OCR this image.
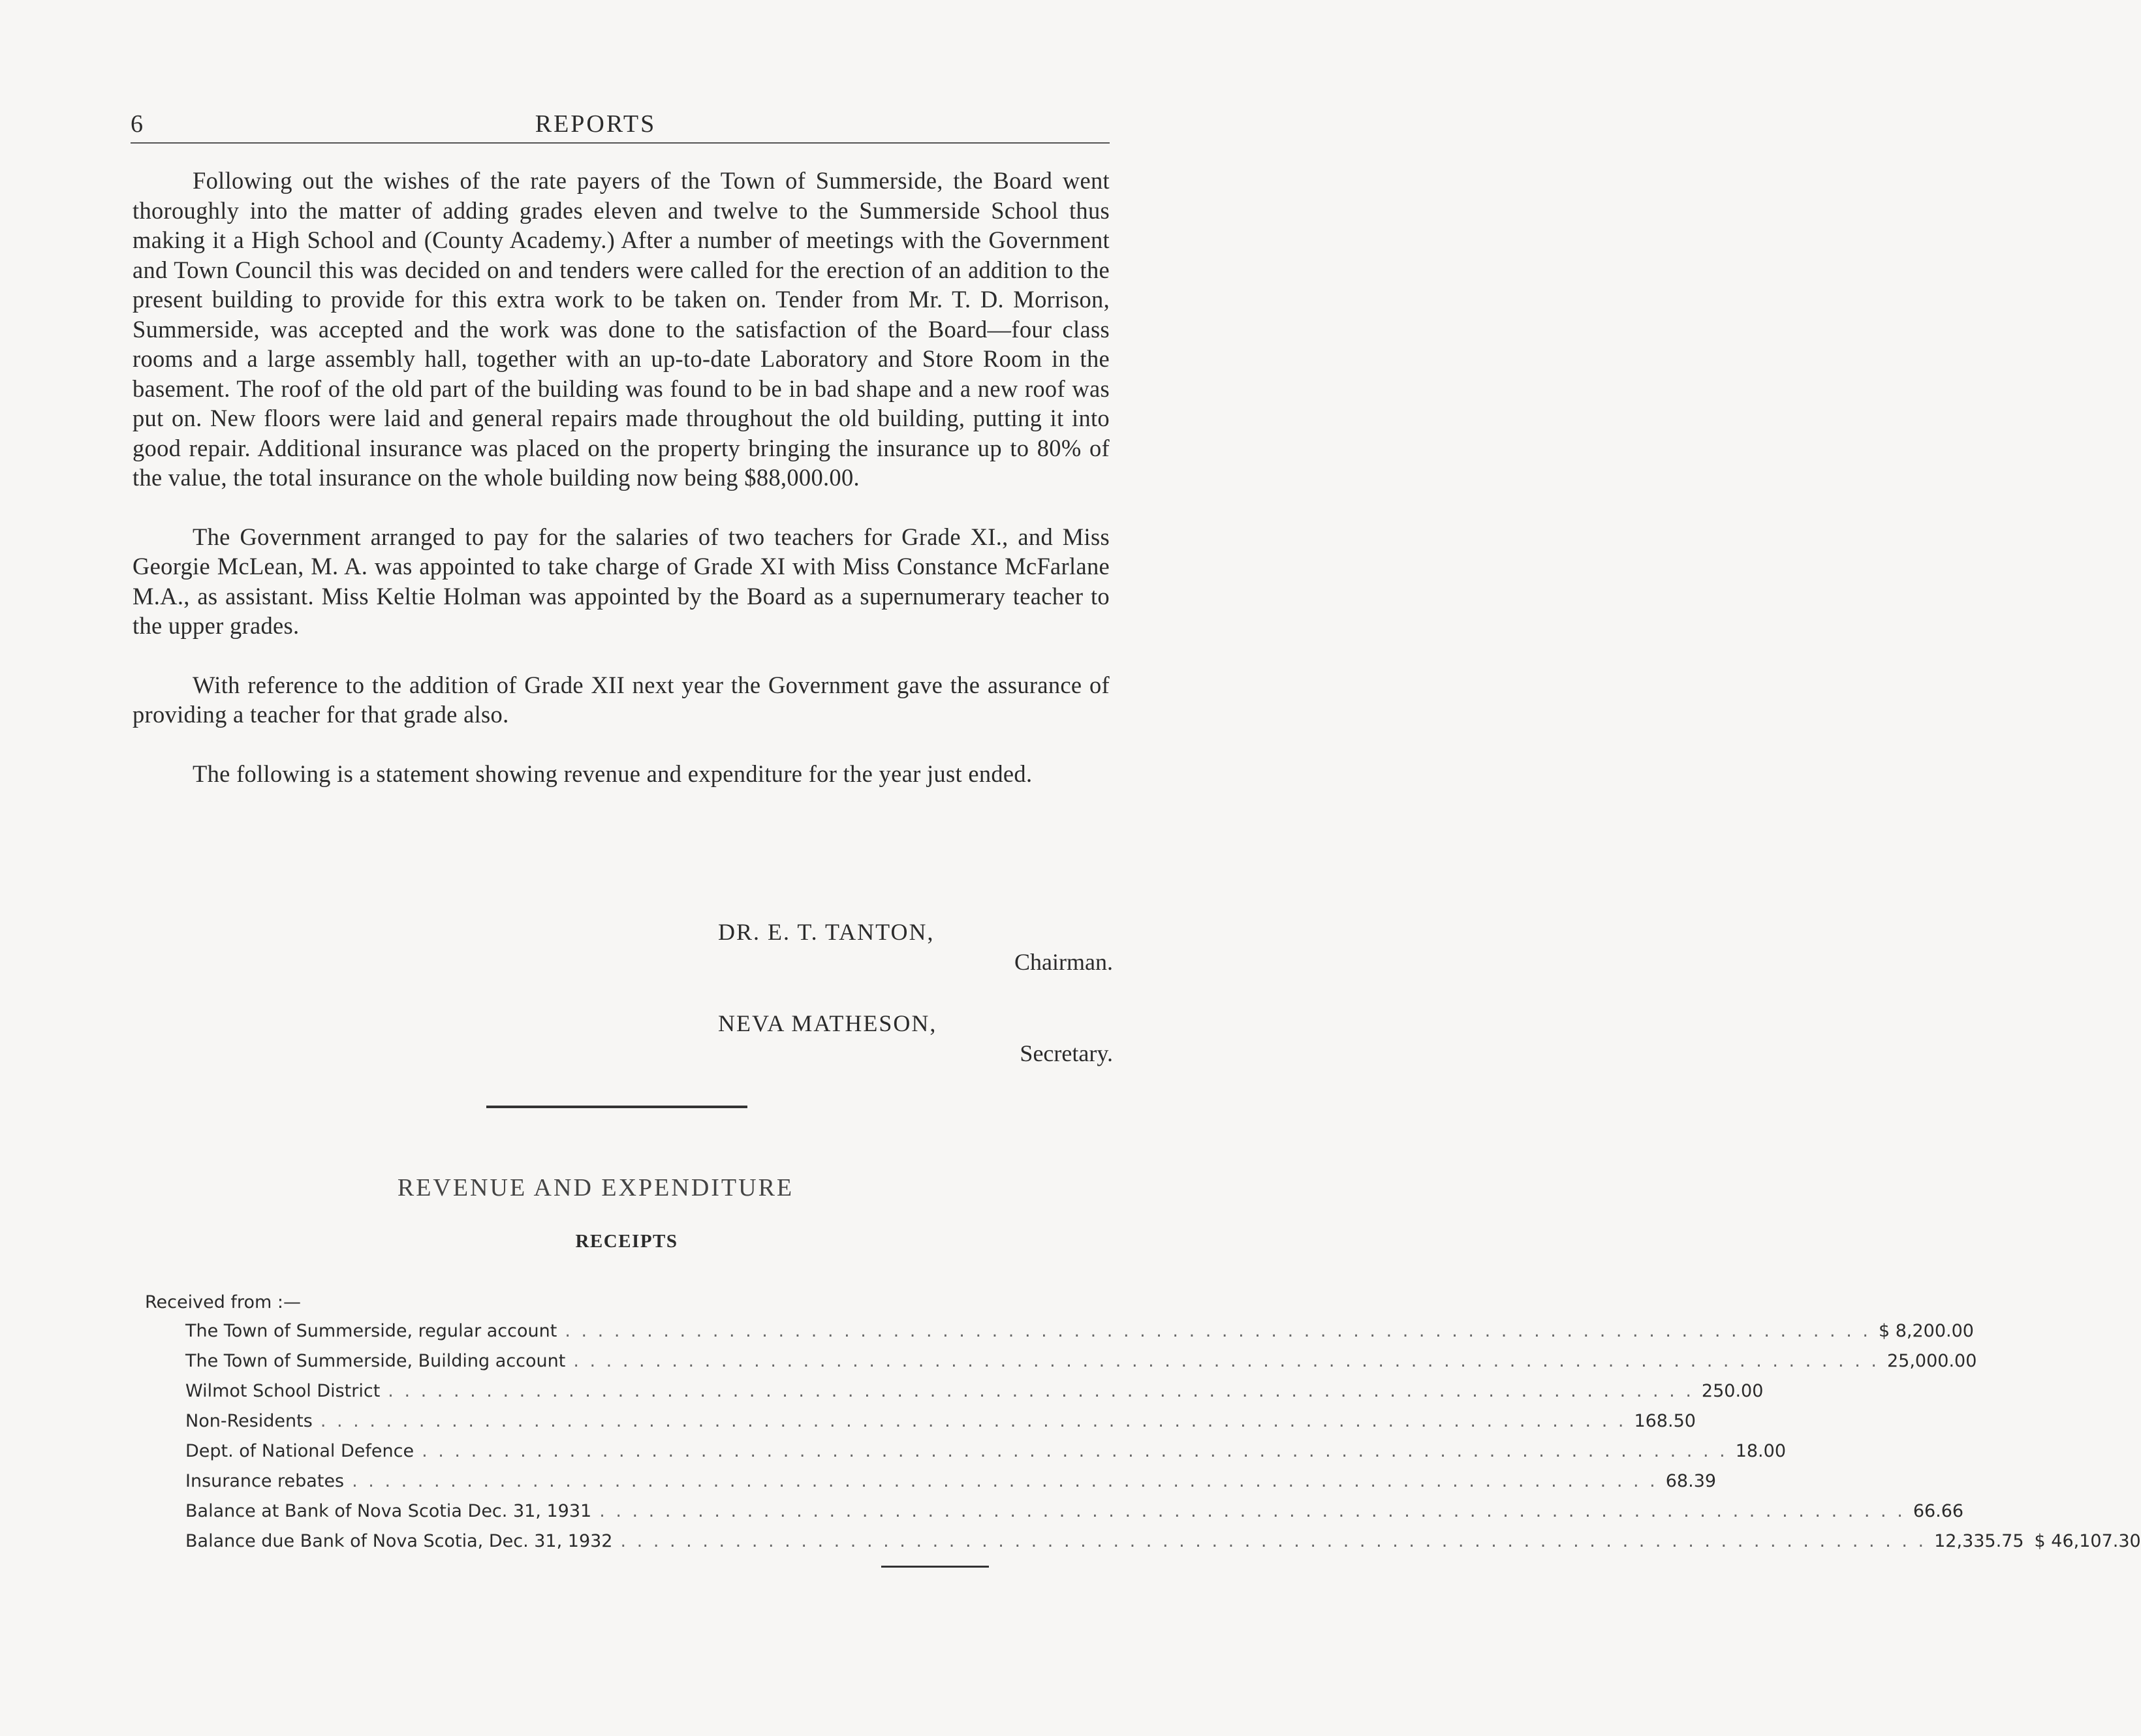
6	REPORTS

Following out the wishes of the rate payers of the Town of Summerside, the Board went thoroughly into the matter of adding grades eleven and twelve to the Summerside School thus making it a High School and (County Academy.) After a number of meetings with the Government and Town Council this was decided on and tenders were called for the erection of an addition to the present building to provide for this extra work to be taken on. Tender from Mr. T. D. Morrison, Summerside, was accepted and the work was done to the satisfaction of the Board—four class rooms and a large assembly hall, together with an up-to-date Laboratory and Store Room in the basement. The roof of the old part of the building was found to be in bad shape and a new roof was put on. New floors were laid and general repairs made throughout the old building, putting it into good repair. Additional insurance was placed on the property bringing the insurance up to 80% of the value, the total insurance on the whole building now being $88,000.00.

The Government arranged to pay for the salaries of two teachers for Grade XI., and Miss Georgie McLean, M. A. was appointed to take charge of Grade XI with Miss Constance McFarlane M.A., as assistant. Miss Keltie Holman was appointed by the Board as a supernumerary teacher to the upper grades.

With reference to the addition of Grade XII next year the Government gave the assurance of providing a teacher for that grade also.

The following is a statement showing revenue and expenditure for the year just ended.

DR. E. T. TANTON,

Chairman.

NEVA MATHESON,

Secretary.

REVENUE AND EXPENDITURE
RECEIPTS

Received from :—

The Town of Summerside, regular account . . . . . . . . . . . . . . . . . . . . . . . . . . . . . . . . . . . . . . . . . . . . . . . . . . . . . . . . . . . . . . . . . . . . . . . . . . . . . . . . $ 8,200.00
The Town of Summerside, Building account . . . . . . . . . . . . . . . . . . . . . . . . . . . . . . . . . . . . . . . . . . . . . . . . . . . . . . . . . . . . . . . . . . . . . . . . . . . . . . . . 25,000.00
Wilmot School District . . . . . . . . . . . . . . . . . . . . . . . . . . . . . . . . . . . . . . . . . . . . . . . . . . . . . . . . . . . . . . . . . . . . . . . . . . . . . . . . 250.00
Non-Residents . . . . . . . . . . . . . . . . . . . . . . . . . . . . . . . . . . . . . . . . . . . . . . . . . . . . . . . . . . . . . . . . . . . . . . . . . . . . . . . . 168.50
Dept. of National Defence . . . . . . . . . . . . . . . . . . . . . . . . . . . . . . . . . . . . . . . . . . . . . . . . . . . . . . . . . . . . . . . . . . . . . . . . . . . . . . . . 18.00
Insurance rebates . . . . . . . . . . . . . . . . . . . . . . . . . . . . . . . . . . . . . . . . . . . . . . . . . . . . . . . . . . . . . . . . . . . . . . . . . . . . . . . . 68.39
Balance at Bank of Nova Scotia Dec. 31, 1931 . . . . . . . . . . . . . . . . . . . . . . . . . . . . . . . . . . . . . . . . . . . . . . . . . . . . . . . . . . . . . . . . . . . . . . . . . . . . . . . . 66.66
Balance due Bank of Nova Scotia, Dec. 31, 1932 . . . . . . . . . . . . . . . . . . . . . . . . . . . . . . . . . . . . . . . . . . . . . . . . . . . . . . . . . . . . . . . . . . . . . . . . . . . . . . . . 12,335.75 $ 46,107.30
